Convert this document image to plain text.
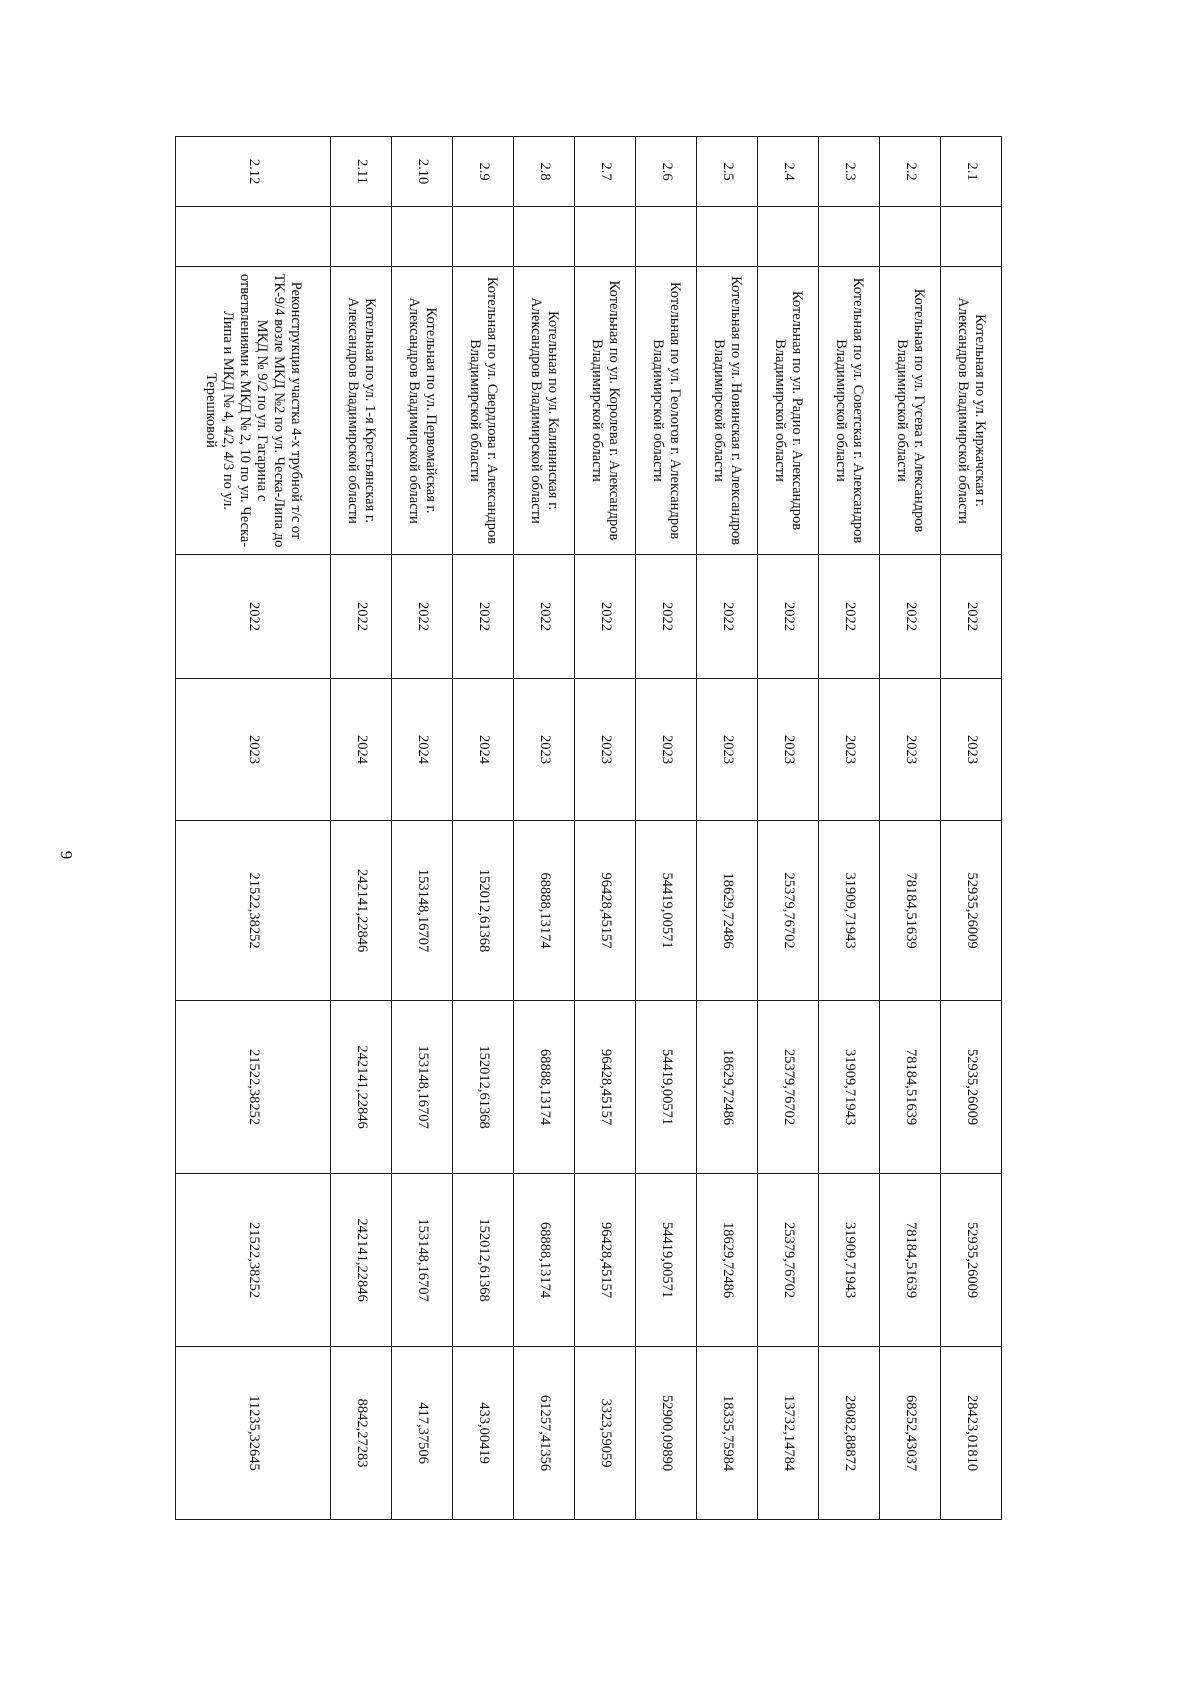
9
2.1		Котельная по ул. Киржачская г. Александров Владимирской области	2022	2023	52935,26009	52935,26009	52935,26009	28423,01810
2.2		Котельная по ул. Гусева г. Александров Владимирской области	2022	2023	78184,51639	78184,51639	78184,51639	68252,43037
2.3		Котельная по ул. Советская г. Александров Владимирской области	2022	2023	31909,71943	31909,71943	31909,71943	28082,88872
2.4		Котельная по ул. Радио г. Александров Владимирской области	2022	2023	25379,76702	25379,76702	25379,76702	13732,14784
2.5		Котельная по ул. Новинская г. Александров Владимирской области	2022	2023	18629,72486	18629,72486	18629,72486	18335,75984
2.6		Котельная по ул. Геологов г. Александров Владимирской области	2022	2023	54419,00571	54419,00571	54419,00571	52900,09890
2.7		Котельная по ул. Королева г. Александров Владимирской области	2022	2023	96428,45157	96428,45157	96428,45157	3323,59059
2.8		Котельная по ул. Калининская г. Александров Владимирской области	2022	2023	68888,13174	68888,13174	68888,13174	61257,41356
2.9		Котельная по ул. Свердлова г. Александров Владимирской области	2022	2024	152012,61368	152012,61368	152012,61368	433,00419
2.10		Котельная по ул. Первомайская г. Александров Владимирской области	2022	2024	153148,16707	153148,16707	153148,16707	417,37506
2.11		Котельная по ул. 1-я Крестьянская г. Александров Владимирской области	2022	2024	242141,22846	242141,22846	242141,22846	8842,27283
2.12		Реконструкция участка 4-х трубной т/с от ТК-9/4 возле МКД №2 по ул. Ческа-Липа до МКД № 9/2 по ул. Гагарина с ответвлениями к МКД № 2, 10 по ул. Ческа-Липа и МКД № 4, 4/2, 4/3 по ул. Терешковой	2022	2023	21522,38252	21522,38252	21522,38252	11235,32645
